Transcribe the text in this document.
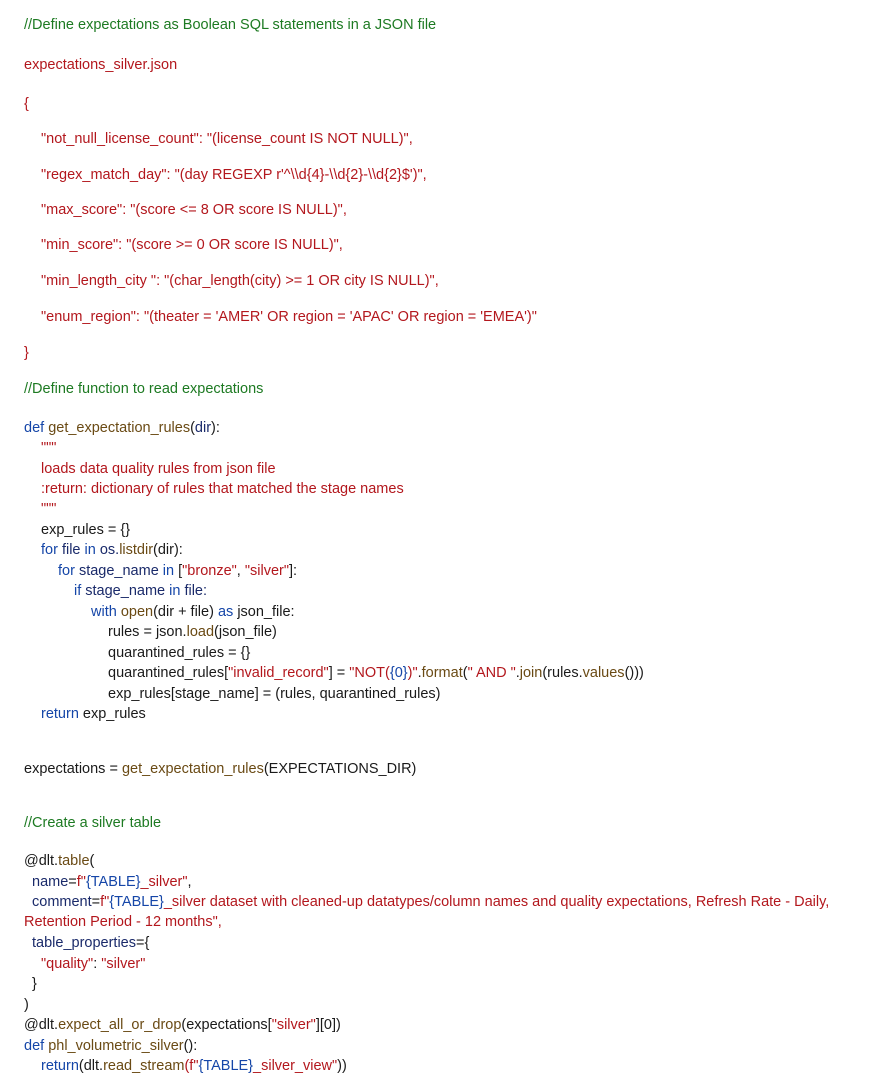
//Define expectations as Boolean SQL statements in a JSON file
expectations_silver.json
{
"not_null_license_count": "(license_count IS NOT NULL)",
"regex_match_day": "(day REGEXP r'^\\d{4}-\\d{2}-\\d{2}$')",
"max_score": "(score <= 8 OR score IS NULL)",
"min_score": "(score >= 0 OR score IS NULL)",
"min_length_city ": "(char_length(city) >= 1 OR city IS NULL)",
"enum_region": "(theater = 'AMER' OR region = 'APAC' OR region = 'EMEA')"
}
//Define function to read expectations
def get_expectation_rules(dir):
"""
loads data quality rules from json file
:return: dictionary of rules that matched the stage names
"""
exp_rules = {}
for file in os.listdir(dir):
for stage_name in ["bronze", "silver"]:
if stage_name in file:
with open(dir + file) as json_file:
rules = json.load(json_file)
quarantined_rules = {}
quarantined_rules["invalid_record"] = "NOT({0})".format(" AND ".join(rules.values()))
exp_rules[stage_name] = (rules, quarantined_rules)
return exp_rules
expectations = get_expectation_rules(EXPECTATIONS_DIR)
//Create a silver table
@dlt.table(
name=f"{TABLE}_silver",
comment=f"{TABLE}_silver dataset with cleaned-up datatypes/column names and quality expectations, Refresh Rate - Daily,
Retention Period - 12 months",
table_properties={
"quality": "silver"
}
)
@dlt.expect_all_or_drop(expectations["silver"][0])
def phl_volumetric_silver():
return(dlt.read_stream(f"{TABLE}_silver_view"))
